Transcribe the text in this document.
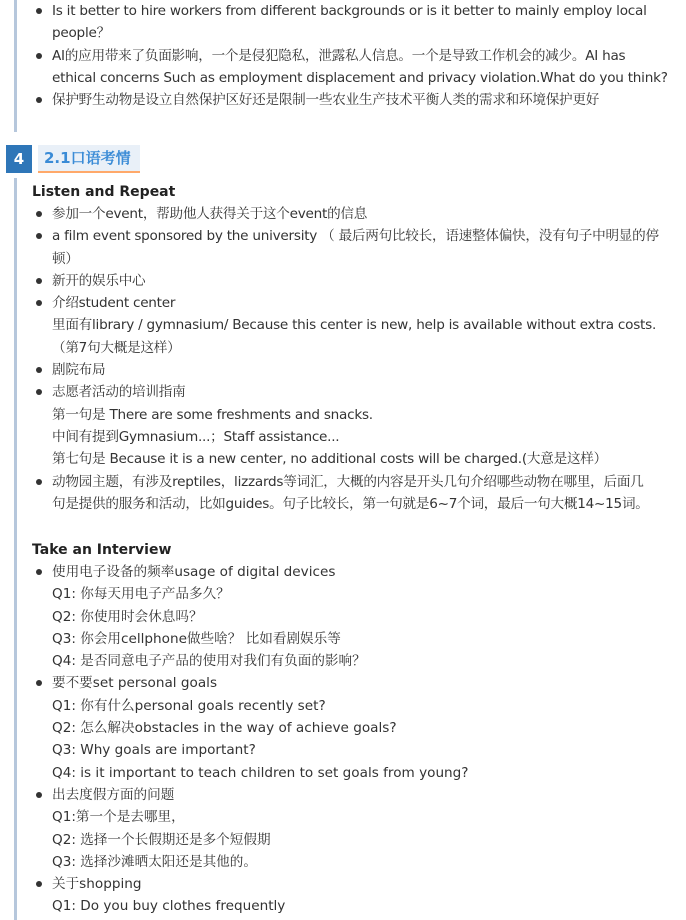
Is it better to hire workers from different backgrounds or is it better to mainly employ local
people？
AI的应用带来了负面影响，一个是侵犯隐私，泄露私人信息。一个是导致工作机会的减少。AI has
ethical concerns Such as employment displacement and privacy violation.What do you think?
保护野生动物是设立自然保护区好还是限制一些农业生产技术平衡人类的需求和环境保护更好
4	2.1口语考情
Listen and Repeat
参加一个event，帮助他人获得关于这个event的信息
a film event sponsored by the university （ 最后两句比较长，语速整体偏快，没有句子中明显的停
顿）
新开的娱乐中心
介绍student center
里面有library / gymnasium/ Because this center is new, help is available without extra costs.
（第7句大概是这样）
剧院布局
志愿者活动的培训指南
第一句是 There are some freshments and snacks.
中间有提到Gymnasium...；Staff assistance...
第七句是 Because it is a new center, no additional costs will be charged.(大意是这样）
动物园主题，有涉及reptiles，lizzards等词汇，大概的内容是开头几句介绍哪些动物在哪里，后面几
句是提供的服务和活动，比如guides。句子比较长，第一句就是6~7个词，最后一句大概14~15词。
Take an Interview
使用电子设备的频率usage of digital devices
Q1: 你每天用电子产品多久？
Q2: 你使用时会休息吗？
Q3: 你会用cellphone做些啥？ 比如看剧娱乐等
Q4: 是否同意电子产品的使用对我们有负面的影响？
要不要set personal goals
Q1: 你有什么personal goals recently set?
Q2: 怎么解决obstacles in the way of achieve goals?
Q3: Why goals are important?
Q4: is it important to teach children to set goals from young?
出去度假方面的问题
Q1:第一个是去哪里，
Q2: 选择一个长假期还是多个短假期
Q3: 选择沙滩晒太阳还是其他的。
关于shopping
Q1: Do you buy clothes frequently
